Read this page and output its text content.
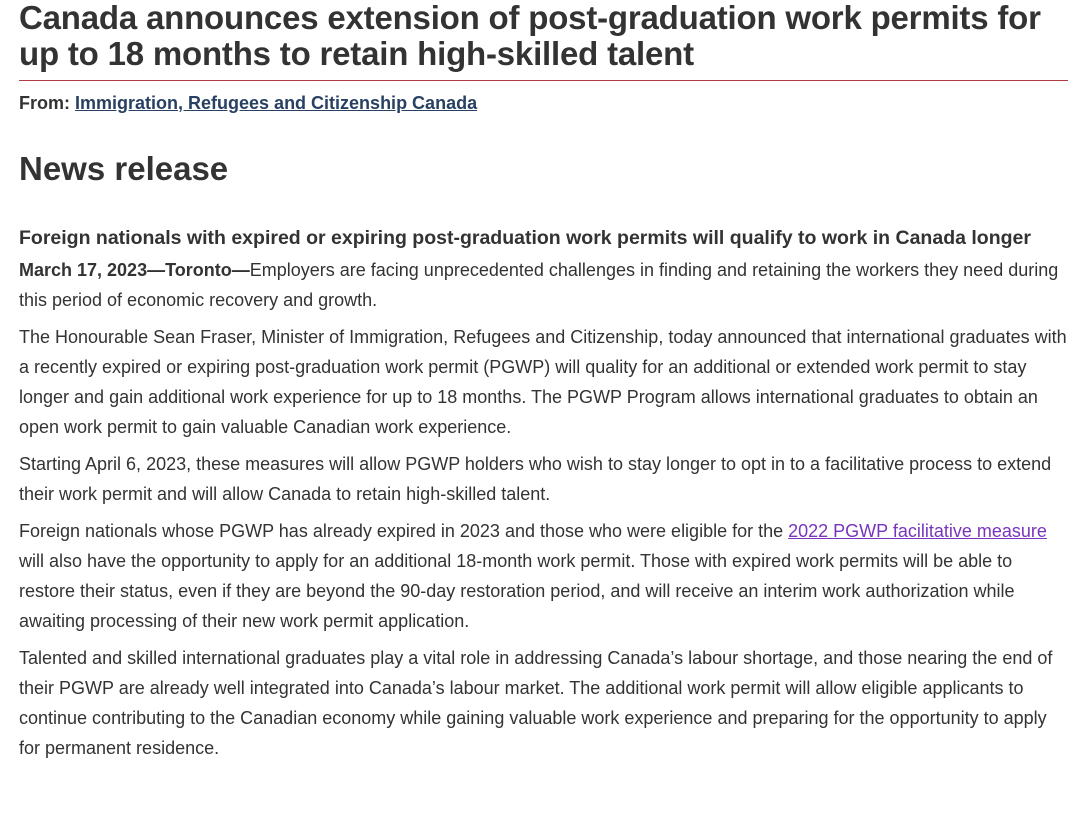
Canada announces extension of post-graduation work permits for up to 18 months to retain high-skilled talent
From: Immigration, Refugees and Citizenship Canada
News release
Foreign nationals with expired or expiring post-graduation work permits will qualify to work in Canada longer

March 17, 2023—Toronto—Employers are facing unprecedented challenges in finding and retaining the workers they need during this period of economic recovery and growth.

The Honourable Sean Fraser, Minister of Immigration, Refugees and Citizenship, today announced that international graduates with a recently expired or expiring post-graduation work permit (PGWP) will quality for an additional or extended work permit to stay longer and gain additional work experience for up to 18 months. The PGWP Program allows international graduates to obtain an open work permit to gain valuable Canadian work experience.

Starting April 6, 2023, these measures will allow PGWP holders who wish to stay longer to opt in to a facilitative process to extend their work permit and will allow Canada to retain high-skilled talent.

Foreign nationals whose PGWP has already expired in 2023 and those who were eligible for the 2022 PGWP facilitative measure will also have the opportunity to apply for an additional 18-month work permit. Those with expired work permits will be able to restore their status, even if they are beyond the 90-day restoration period, and will receive an interim work authorization while awaiting processing of their new work permit application.

Talented and skilled international graduates play a vital role in addressing Canada’s labour shortage, and those nearing the end of their PGWP are already well integrated into Canada’s labour market. The additional work permit will allow eligible applicants to continue contributing to the Canadian economy while gaining valuable work experience and preparing for the opportunity to apply for permanent residence.
